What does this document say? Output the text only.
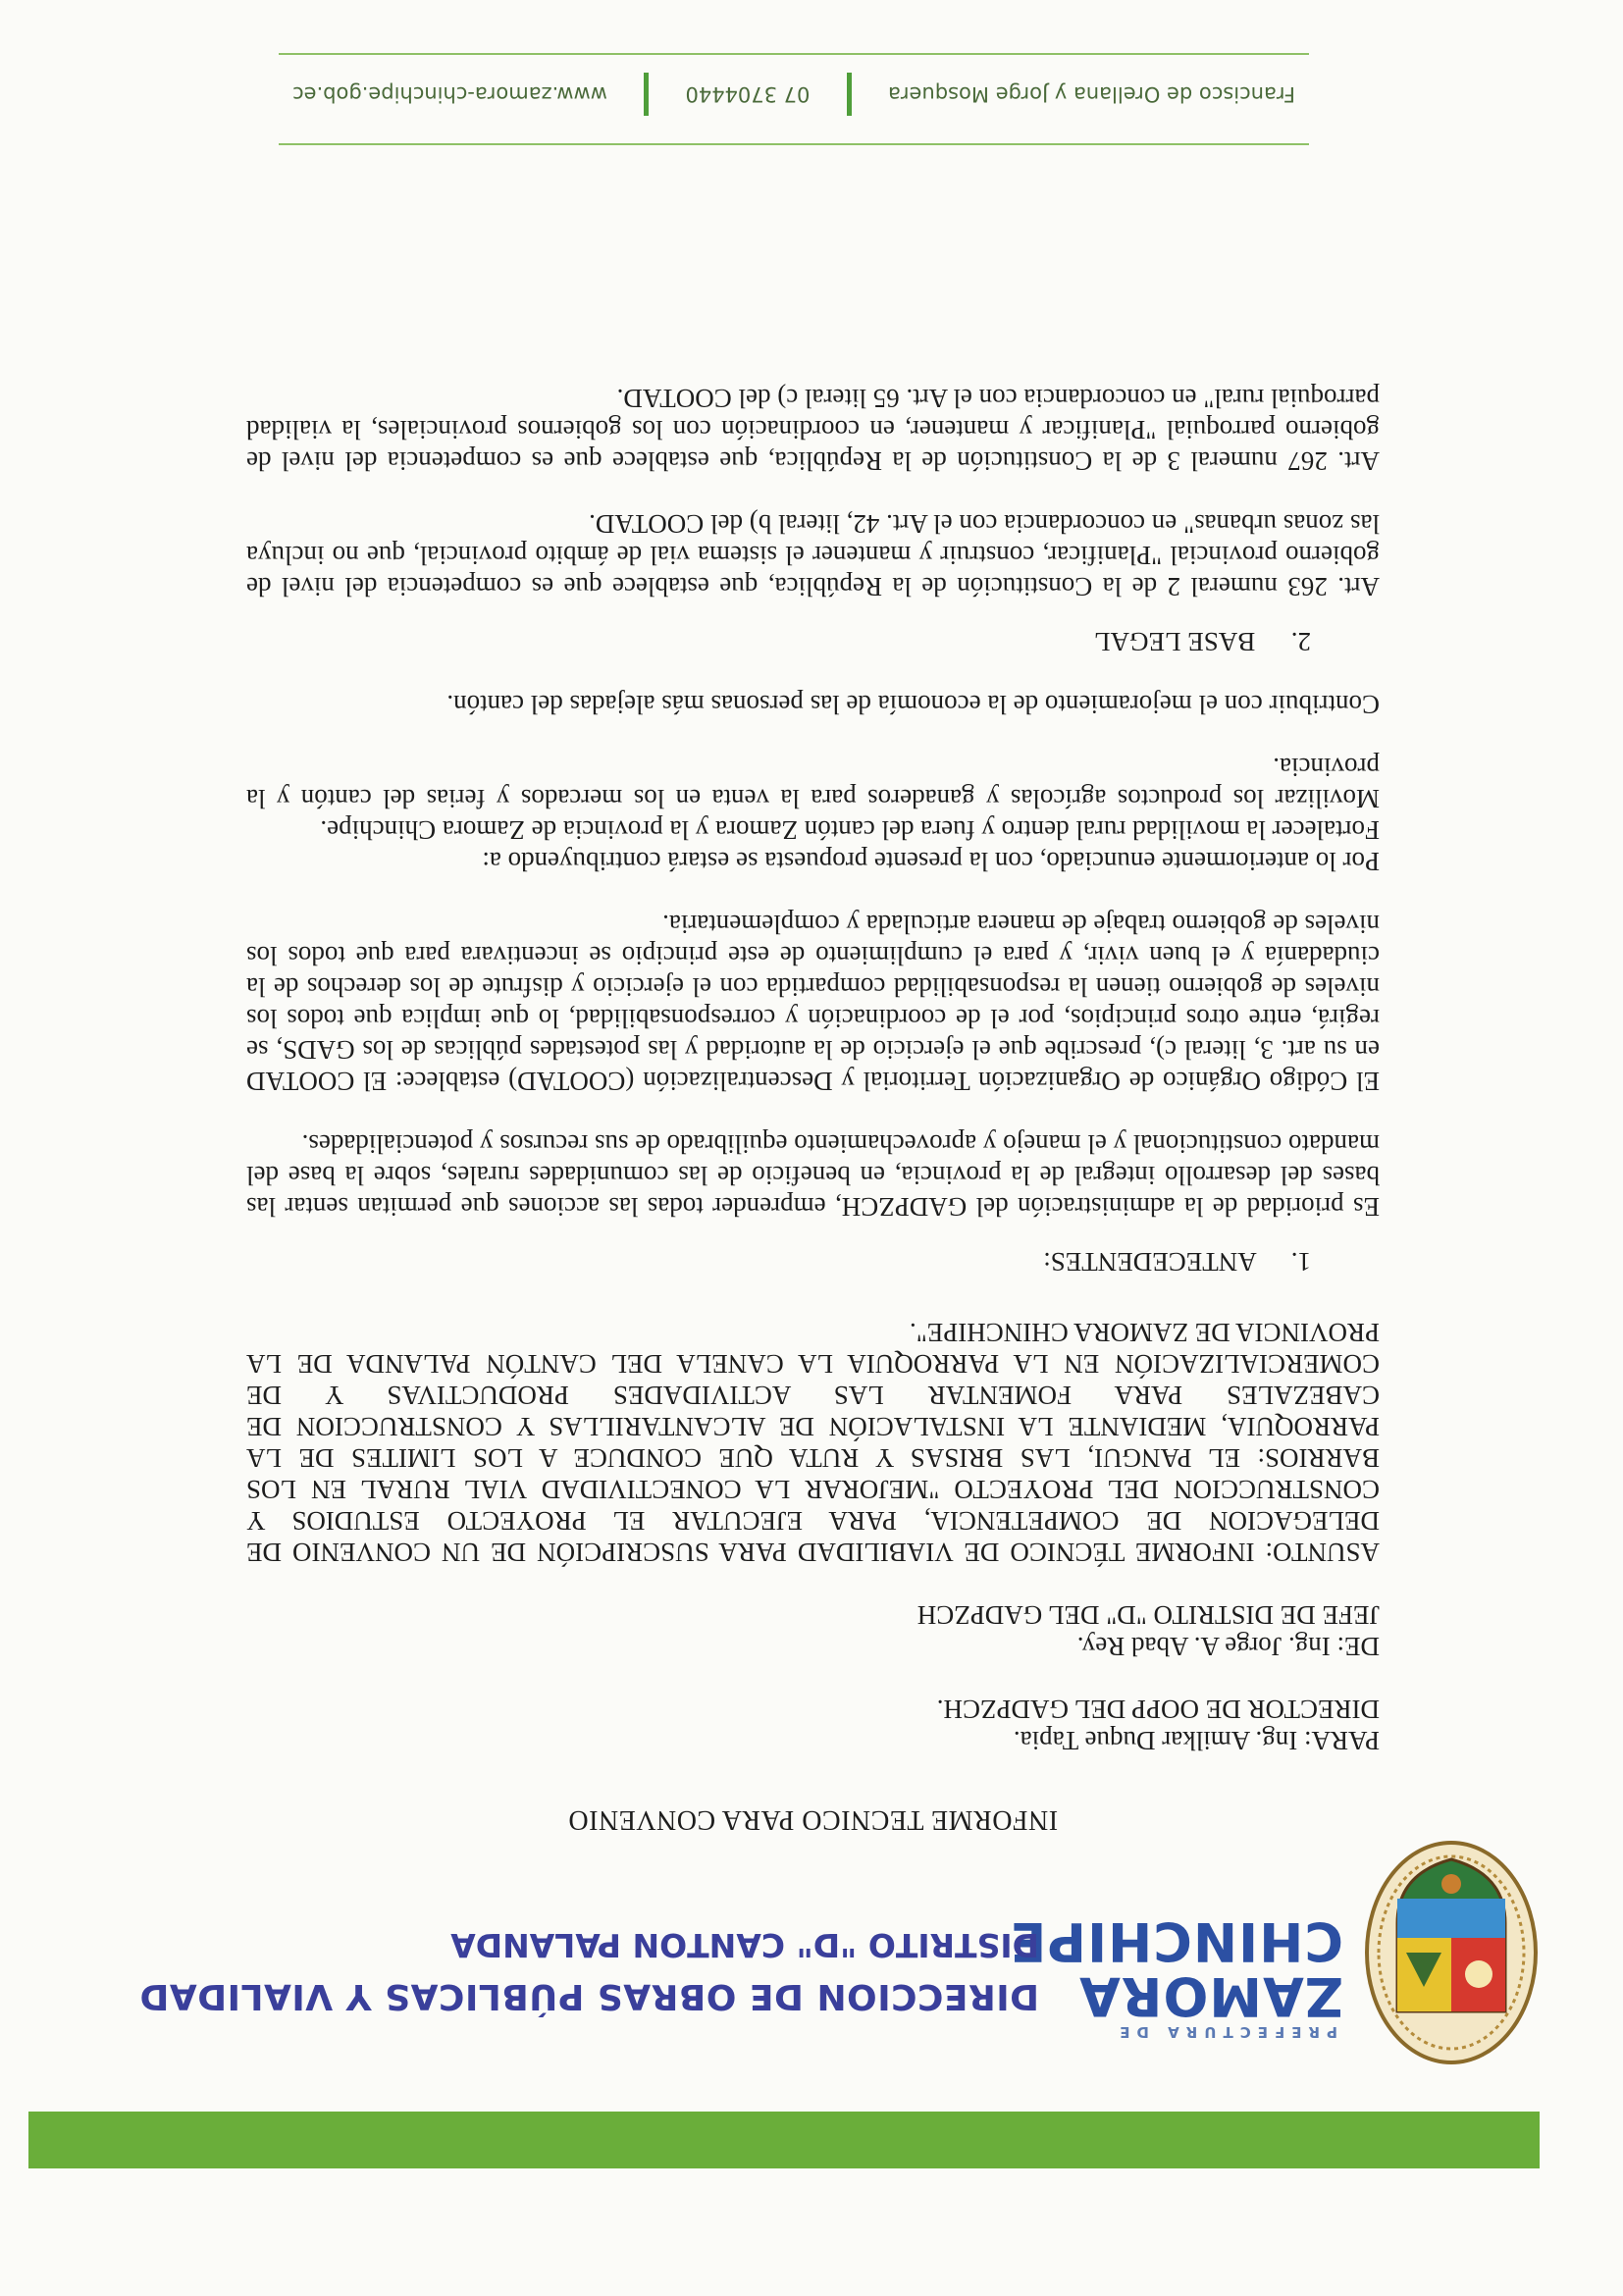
PREFECTURA DE
ZAMORA
CHINCHIPE
DIRECCION DE OBRAS PÚBLICAS Y VIALIDAD
DISTRITO "D" CANTON PALANDA
INFORME TECNICO PARA CONVENIO

PARA: Ing. Amilkar Duque Tapia.

DIRECTOR DE OOPP DEL GADPZCH.

DE: Ing. Jorge A. Abad Rey.

JEFE DE DISTRITO "D" DEL GADPZCH

ASUNTO: INFORME TÉCNICO DE VIABILIDAD PARA SUSCRIPCIÓN DE UN CONVENIO DE DELEGACION DE COMPETENCIA, PARA EJECUTAR EL PROYECTO ESTUDIOS Y CONSTRUCCION DEL PROYECTO "MEJORAR LA CONECTIVIDAD VIAL RURAL EN LOS BARRIOS: EL PANGUI, LAS BRISAS Y RUTA QUE CONDUCE A LOS LIMITES DE LA PARROQUIA, MEDIANTE LA INSTALACIÓN DE ALCANTARILLAS Y CONSTRUCCION DE CABEZALES PARA FOMENTAR LAS ACTIVIDADES PRODUCTIVAS Y DE COMERCIALIZACIÓN EN LA PARROQUIA LA CANELA DEL CANTÓN PALANDA DE LA PROVINCIA DE ZAMORA CHINCHIPE".

1. ANTECEDENTES:

Es prioridad de la administración del GADPZCH, emprender todas las acciones que permitan sentar las bases del desarrollo integral de la provincia, en beneficio de las comunidades rurales, sobre la base del mandato constitucional y el manejo y aprovechamiento equilibrado de sus recursos y potencialidades.

El Código Orgánico de Organización Territorial y Descentralización (COOTAD) establece: El COOTAD en su art. 3, literal c), prescribe que el ejercicio de la autoridad y las potestades públicas de los GADS, se regirá, entre otros principios, por el de coordinación y corresponsabilidad, lo que implica que todos los niveles de gobierno tienen la responsabilidad compartida con el ejercicio y disfrute de los derechos de la ciudadanía y el buen vivir, y para el cumplimiento de este principio se incentivara para que todos los niveles de gobierno trabaje de manera articulada y complementaria.

Por lo anteriormente enunciado, con la presente propuesta se estará contribuyendo a:

Fortalecer la movilidad rural dentro y fuera del cantón Zamora y la provincia de Zamora Chinchipe.

Movilizar los productos agrícolas y ganaderos para la venta en los mercados y ferias del cantón y la provincia.

Contribuir con el mejoramiento de la economía de las personas más alejadas del cantón.

2. BASE LEGAL

Art. 263 numeral 2 de la Constitución de la República, que establece que es competencia del nivel de gobierno provincial "Planificar, construir y mantener el sistema vial de ámbito provincial, que no incluya las zonas urbanas" en concordancia con el Art. 42, literal b) del COOTAD.

Art. 267 numeral 3 de la Constitución de la República, que establece que es competencia del nivel de gobierno parroquial "Planificar y mantener, en coordinación con los gobiernos provinciales, la vialidad parroquial rural" en concordancia con el Art. 65 literal c) del COOTAD.

Francisco de Orellana y Jorge Mosquera
07 3704440
www.zamora-chinchipe.gob.ec
